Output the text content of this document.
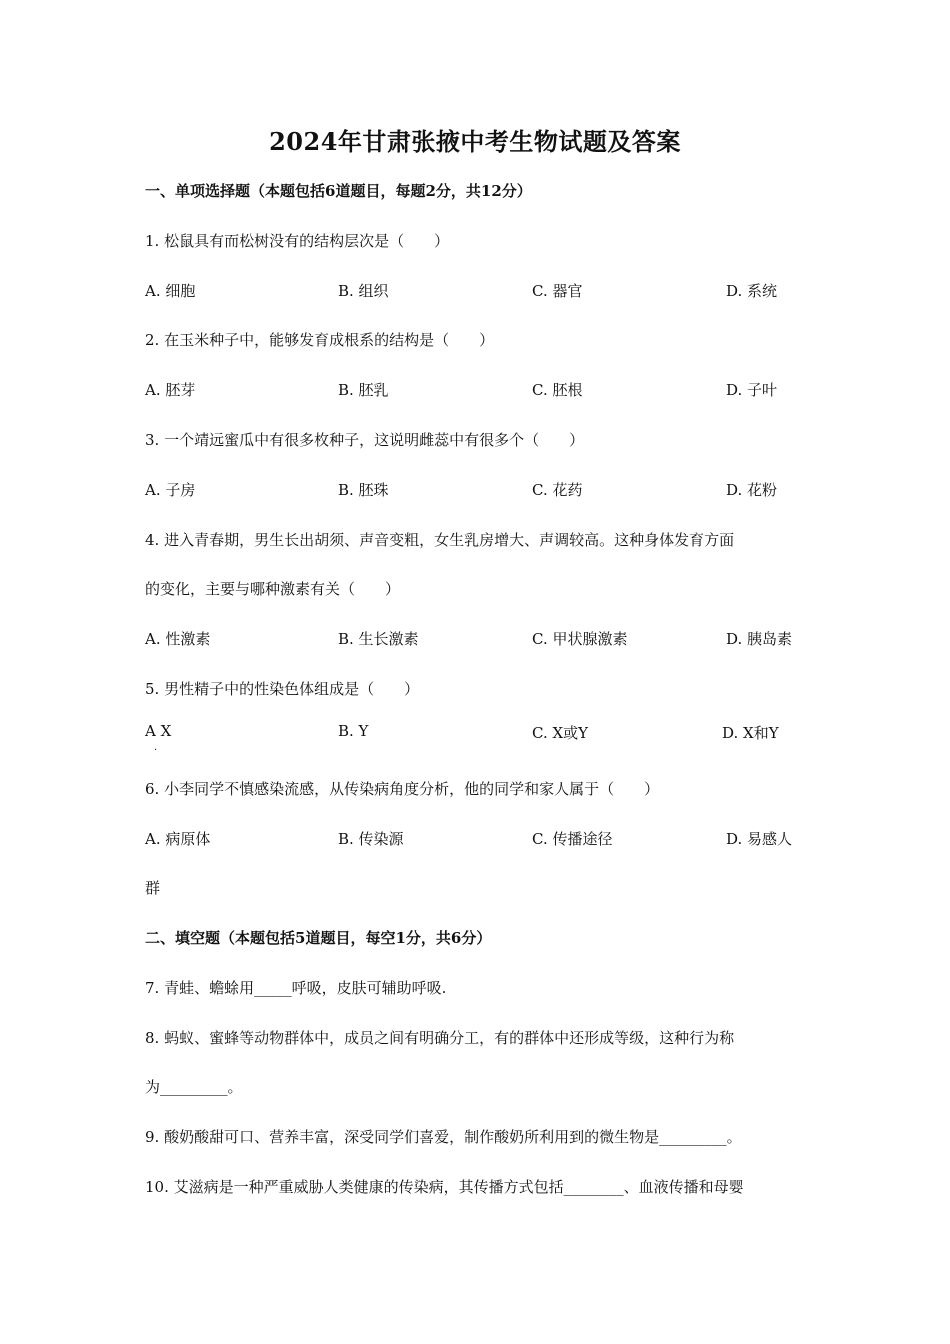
2024年甘肃张掖中考生物试题及答案
一、单项选择题（本题包括6道题目，每题2分，共12分）
1. 松鼠具有而松树没有的结构层次是（　　）
A. 细胞	B. 组织	C. 器官	D. 系统
2. 在玉米种子中，能够发育成根系的结构是（　　）
A. 胚芽	B. 胚乳	C. 胚根	D. 子叶
3. 一个靖远蜜瓜中有很多枚种子，这说明雌蕊中有很多个（　　）
A. 子房	B. 胚珠	C. 花药	D. 花粉
4. 进入青春期，男生长出胡须、声音变粗，女生乳房增大、声调较高。这种身体发育方面
的变化，主要与哪种激素有关（　　）
A. 性激素	B. 生长激素	C. 甲状腺激素	D. 胰岛素
5. 男性精子中的性染色体组成是（　　）
A X
·
B. Y	C. X或Y	D. X和Y
6. 小李同学不慎感染流感，从传染病角度分析，他的同学和家人属于（　　）
A. 病原体	B. 传染源	C. 传播途径	D. 易感人
群
二、填空题（本题包括5道题目，每空1分，共6分）
7. 青蛙、蟾蜍用_____呼吸，皮肤可辅助呼吸.
8. 蚂蚁、蜜蜂等动物群体中，成员之间有明确分工，有的群体中还形成等级，这种行为称
为_________。
9. 酸奶酸甜可口、营养丰富，深受同学们喜爱，制作酸奶所利用到的微生物是_________。
10. 艾滋病是一种严重威胁人类健康的传染病，其传播方式包括________、血液传播和母婴
